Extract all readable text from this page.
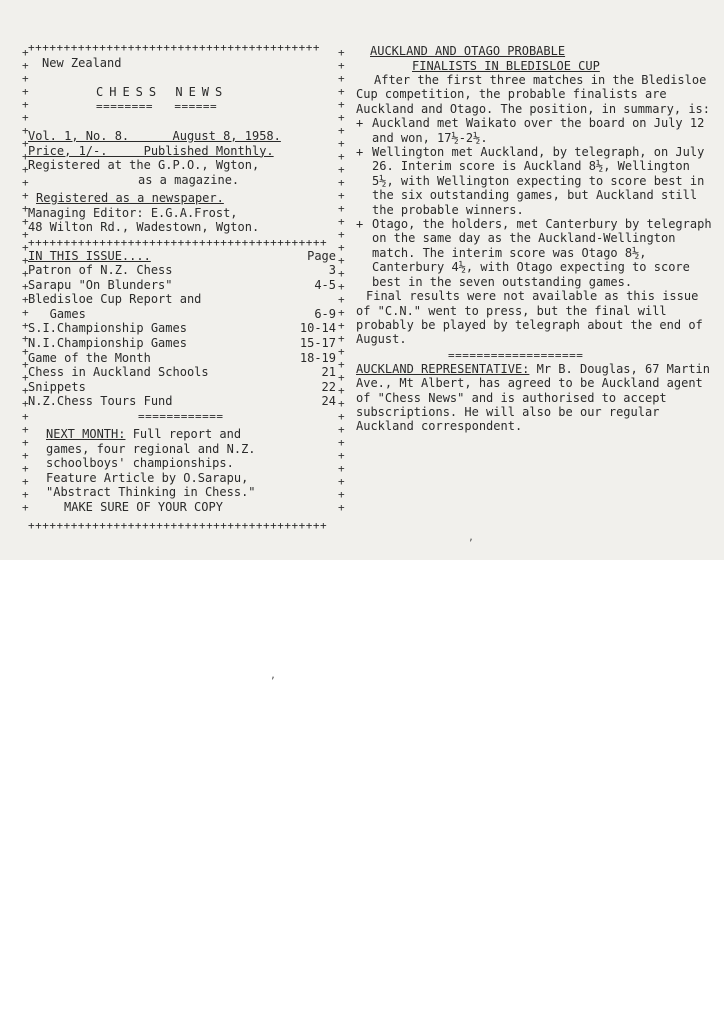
+
+
+
+
+
+
+
+
+
+
+
+
+
+
+
+
+
+
+
+
+
+
+
+
+
+
+
+
+
+
+
+
+
+
+
+
+
+
+
+
+
+
+
+
+
+
+
+
+
+
+
+
+
+
+
+
+
+
+
+
+
+
+
+
+
+
+
+
+
+
+
+
+++++++++++++++++++++++++++++++++++++++++
New Zealand
CHESS NEWS
========   ======
Vol. 1, No. 8.      August 8, 1958.
Price, 1/-.     Published Monthly.
Registered at the G.P.O., Wgton,
as a magazine.
Registered as a newspaper.
Managing Editor: E.G.A.Frost,
48 Wilton Rd., Wadestown, Wgton.
++++++++++++++++++++++++++++++++++++++++++
IN THIS ISSUE....	Page
Patron of N.Z. Chess	3
Sarapu "On Blunders"	4-5
Bledisloe Cup Report and
Games	6-9
S.I.Championship Games	10-14
N.I.Championship Games	15-17
Game of the Month	18-19
Chess in Auckland Schools	21
Snippets	22
N.Z.Chess Tours Fund	24
============
NEXT MONTH: Full report and
games, four regional and N.Z.
schoolboys' championships.
Feature Article by O.Sarapu,
"Abstract Thinking in Chess."
MAKE SURE OF YOUR COPY
++++++++++++++++++++++++++++++++++++++++++
AUCKLAND AND OTAGO PROBABLE
FINALISTS IN BLEDISLOE CUP
After the first three matches in the Bledisloe Cup competition, the probable finalists are Auckland and Otago. The position, in summary, is:
+ Auckland met Waikato over the board on July 12 and won, 17½-2½.
+ Wellington met Auckland, by telegraph, on July 26. Interim score is Auckland 8½, Wellington 5½, with Wellington expecting to score best in the six outstanding games, but Auckland still the probable winners.
+ Otago, the holders, met Canterbury by telegraph on the same day as the Auckland-Wellington match. The interim score was Otago 8½, Canterbury 4½, with Otago expecting to score best in the seven outstanding games.
Final results were not available as this issue of "C.N." went to press, but the final will probably be played by telegraph about the end of August.
===================
AUCKLAND REPRESENTATIVE: Mr B. Douglas, 67 Martin Ave., Mt Albert, has agreed to be Auckland agent of "Chess News" and is authorised to accept subscriptions. He will also be our regular Auckland correspondent.
,
,
